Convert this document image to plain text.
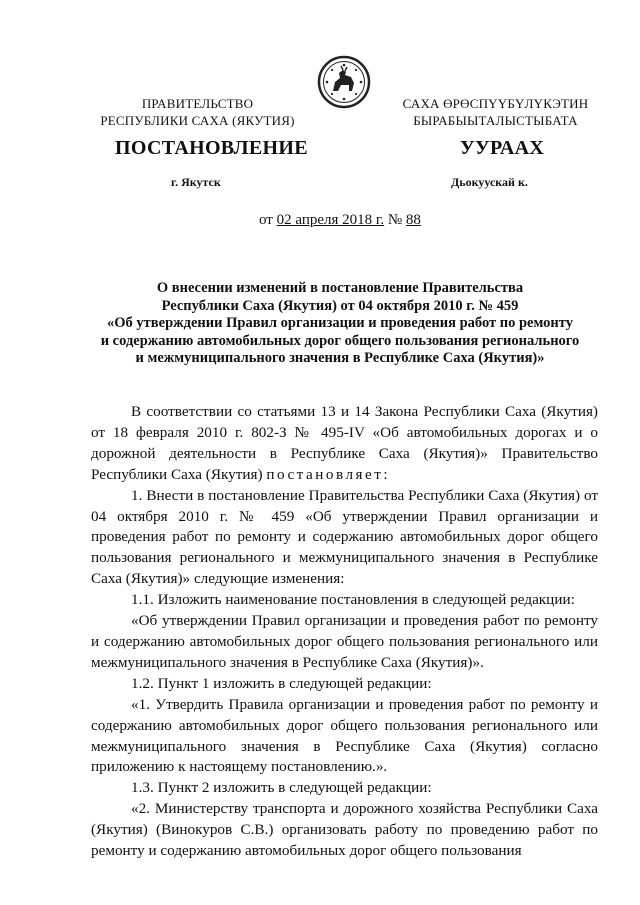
ПРАВИТЕЛЬСТВО
РЕСПУБЛИКИ САХА (ЯКУТИЯ)
САХА ӨРӨСПҮҮБҮЛҮКЭТИН
БЫРАБЫЫТАЛЫСТЫБАТА
ПОСТАНОВЛЕНИЕ	УУРААХ
г. Якутск	Дьокуускай к.
от 02 апреля 2018 г. № 88
О внесении изменений в постановление Правительства
Республики Саха (Якутия) от 04 октября 2010 г. № 459
«Об утверждении Правил организации и проведения работ по ремонту
и содержанию автомобильных дорог общего пользования регионального
и межмуниципального значения в Республике Саха (Якутия)»

В соответствии со статьями 13 и 14 Закона Республики Саха (Якутия) от 18 февраля 2010 г. 802-З № 495-IV «Об автомобильных дорогах и о дорожной деятельности в Республике Саха (Якутия)» Правительство Республики Саха (Якутия) постановляет:

1. Внести в постановление Правительства Республики Саха (Якутия) от 04 октября 2010 г. № 459 «Об утверждении Правил организации и проведения работ по ремонту и содержанию автомобильных дорог общего пользования регионального и межмуниципального значения в Республике Саха (Якутия)» следующие изменения:

1.1. Изложить наименование постановления в следующей редакции:

«Об утверждении Правил организации и проведения работ по ремонту и содержанию автомобильных дорог общего пользования регионального или межмуниципального значения в Республике Саха (Якутия)».

1.2. Пункт 1 изложить в следующей редакции:

«1. Утвердить Правила организации и проведения работ по ремонту и содержанию автомобильных дорог общего пользования регионального или межмуниципального значения в Республике Саха (Якутия) согласно приложению к настоящему постановлению.».

1.3. Пункт 2 изложить в следующей редакции:

«2. Министерству транспорта и дорожного хозяйства Республики Саха (Якутия) (Винокуров С.В.) организовать работу по проведению работ по ремонту и содержанию автомобильных дорог общего пользования
